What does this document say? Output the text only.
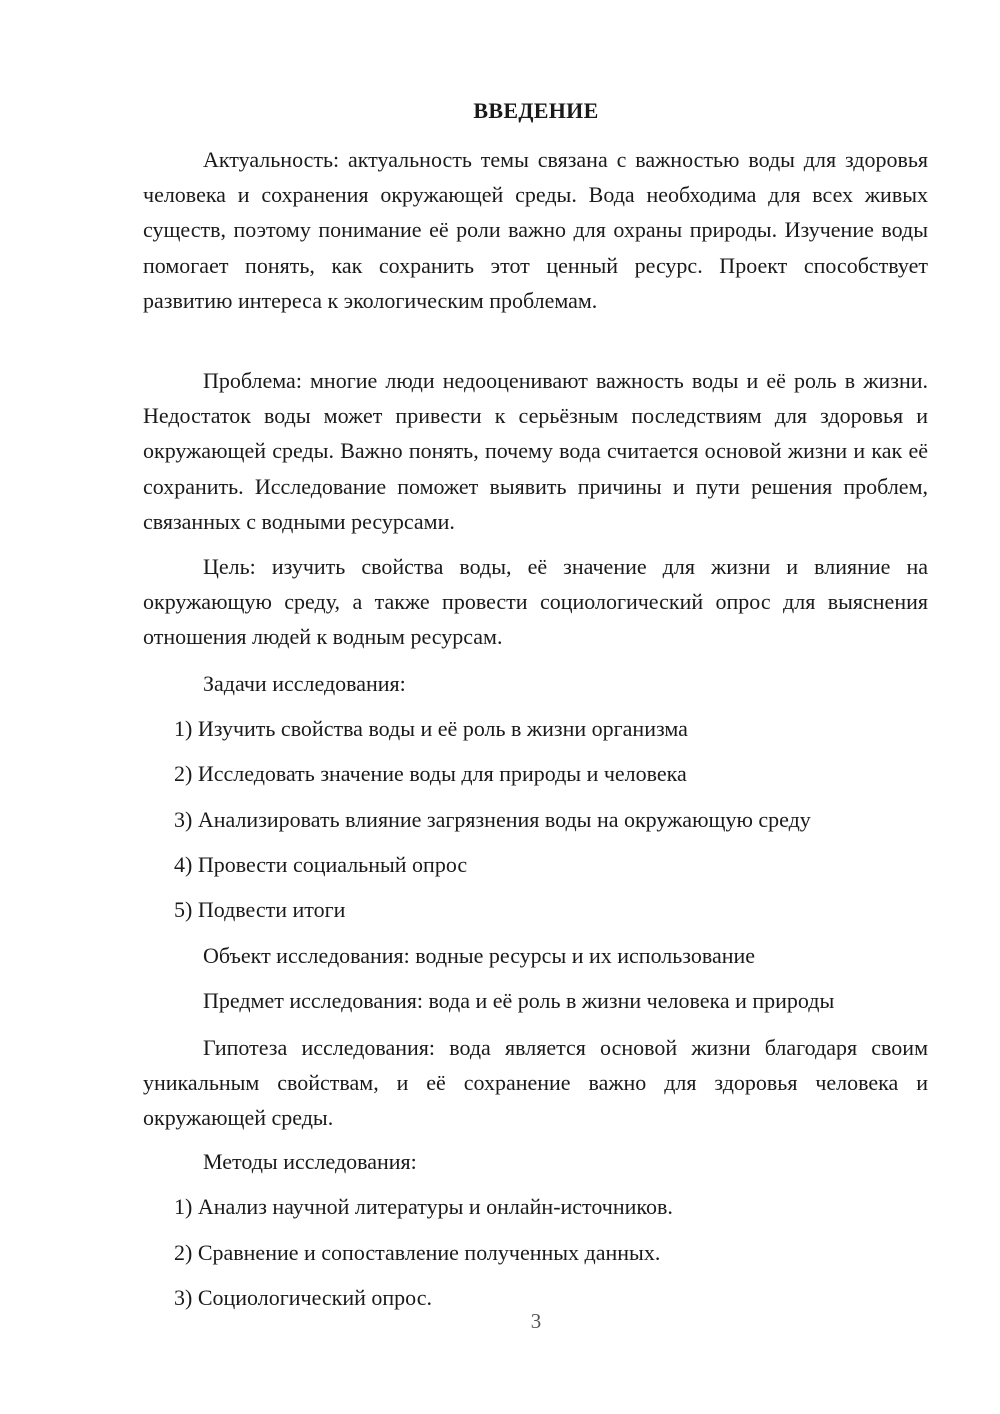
ВВЕДЕНИЕ

Актуальность: актуальность темы связана с важностью воды для здоровья человека и сохранения окружающей среды. Вода необходима для всех живых существ, поэтому понимание её роли важно для охраны природы. Изучение воды помогает понять, как сохранить этот ценный ресурс. Проект способствует развитию интереса к экологическим проблемам.

Проблема: многие люди недооценивают важность воды и её роль в жизни. Недостаток воды может привести к серьёзным последствиям для здоровья и окружающей среды. Важно понять, почему вода считается основой жизни и как её сохранить. Исследование поможет выявить причины и пути решения проблем, связанных с водными ресурсами.

Цель: изучить свойства воды, её значение для жизни и влияние на окружающую среду, а также провести социологический опрос для выяснения отношения людей к водным ресурсам.

Задачи исследования:

1) Изучить свойства воды и её роль в жизни организма

2) Исследовать значение воды для природы и человека

3) Анализировать влияние загрязнения воды на окружающую среду

4) Провести социальный опрос

5) Подвести итоги

Объект исследования: водные ресурсы и их использование

Предмет исследования: вода и её роль в жизни человека и природы

Гипотеза исследования: вода является основой жизни благодаря своим уникальным свойствам, и её сохранение важно для здоровья человека и окружающей среды.

Методы исследования:

1) Анализ научной литературы и онлайн-источников.

2) Сравнение и сопоставление полученных данных.

3) Социологический опрос.

3
